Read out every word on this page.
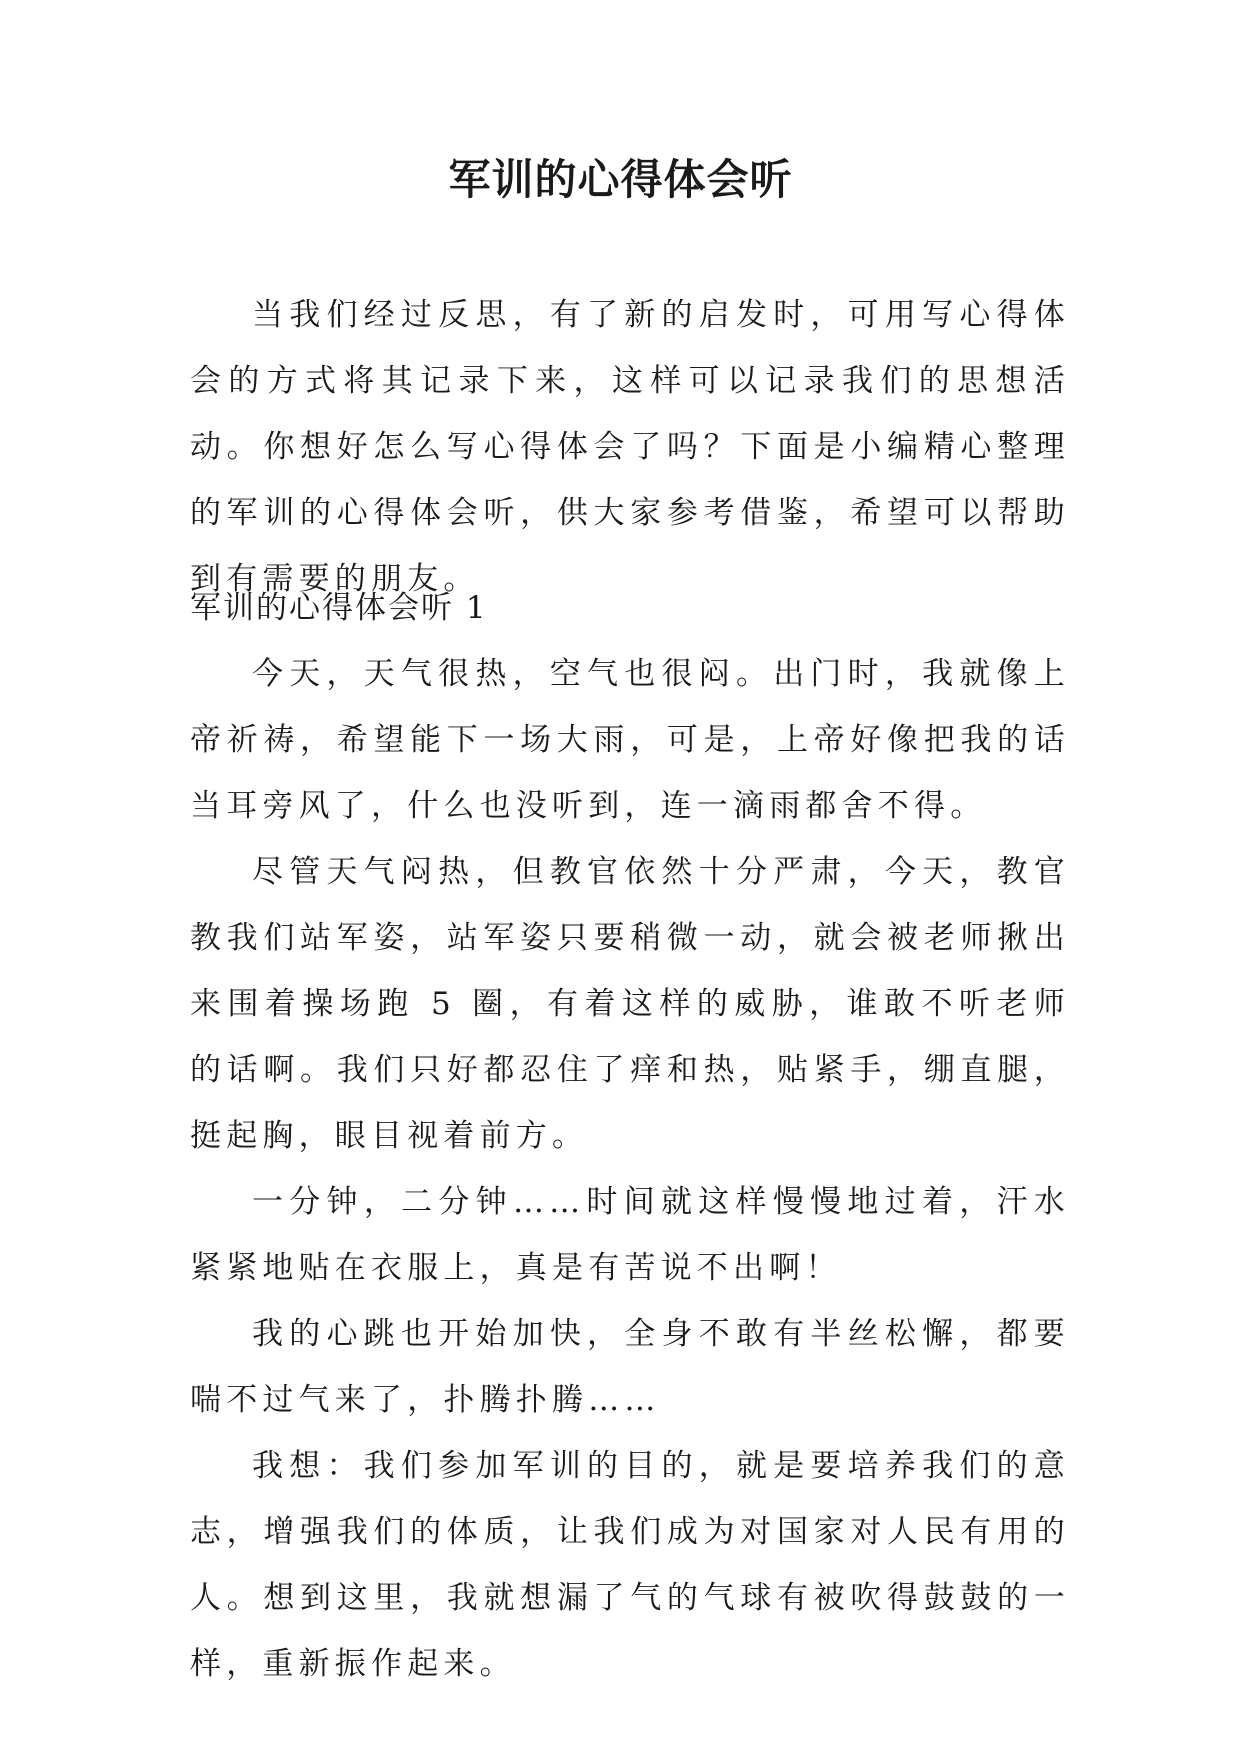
军训的心得体会听

当我们经过反思，有了新的启发时，可用写心得体会的方式将其记录下来，这样可以记录我们的思想活动。你想好怎么写心得体会了吗？下面是小编精心整理的军训的心得体会听，供大家参考借鉴，希望可以帮助到有需要的朋友。

军训的心得体会听 1

今天，天气很热，空气也很闷。出门时，我就像上帝祈祷，希望能下一场大雨，可是，上帝好像把我的话当耳旁风了，什么也没听到，连一滴雨都舍不得。

尽管天气闷热，但教官依然十分严肃，今天，教官教我们站军姿，站军姿只要稍微一动，就会被老师揪出来围着操场跑 5 圈，有着这样的威胁，谁敢不听老师的话啊。我们只好都忍住了痒和热，贴紧手，绷直腿，挺起胸，眼目视着前方。

一分钟，二分钟……时间就这样慢慢地过着，汗水紧紧地贴在衣服上，真是有苦说不出啊！

我的心跳也开始加快，全身不敢有半丝松懈，都要喘不过气来了，扑腾扑腾……

我想：我们参加军训的目的，就是要培养我们的意志，增强我们的体质，让我们成为对国家对人民有用的人。想到这里，我就想漏了气的气球有被吹得鼓鼓的一样，重新振作起来。
